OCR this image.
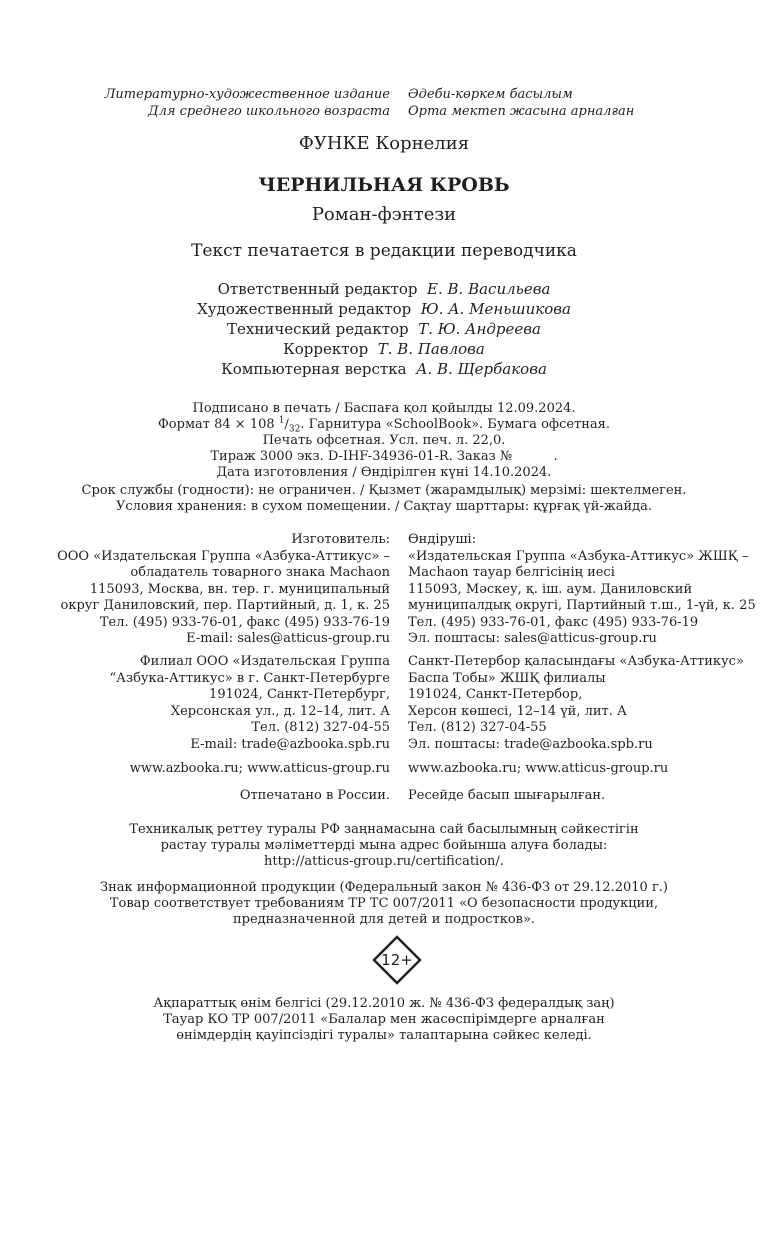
Литературно-художественное издание Әдеби-көркем басылым
Для среднего школьного возраста Орта мектеп жасына арналған
ФУНКЕ Корнелия
ЧЕРНИЛЬНАЯ КРОВЬ
Роман-фэнтези
Текст печатается в редакции переводчика
Ответственный редактор Е. В. Васильева
Художественный редактор Ю. А. Меньшикова
Технический редактор Т. Ю. Андреева
Корректор Т. В. Павлова
Компьютерная верстка А. В. Щербакова
Подписано в печать / Баспаға қол қойылды 12.09.2024.
Формат 84 × 108 $^1/_{32}$. Гарнитура «SchoolBook». Бумага офсетная.
Печать офсетная. Усл. печ. л. 22,0.
Тираж 3000 экз. D-IHF-34936-01-R. Заказ №          .
Дата изготовления / Өндірілген күні 14.10.2024.
Срок службы (годности): не ограничен. / Қызмет (жарамдылық) мерзімі: шектелмеген.
Условия хранения: в сухом помещении. / Сақтау шарттары: құрғақ үй-жайда.
Изготовитель:
ООО «Издательская Группа «Азбука-Аттикус» –
обладатель товарного знака Machaon
115093, Москва, вн. тер. г. муниципальный
округ Даниловский, пер. Партийный, д. 1, к. 25
Тел. (495) 933-76-01, факс (495) 933-76-19
E-mail: sales@atticus-group.ru
Өндіруші:
«Издательская Группа «Азбука-Аттикус» ЖШҚ –
Machaon тауар белгісінің иесі
115093, Мәскеу, қ. іш. аум. Даниловский
муниципалдық округі, Партийный т.ш., 1-үй, к. 25
Тел. (495) 933-76-01, факс (495) 933-76-19
Эл. поштасы: sales@atticus-group.ru
Филиал ООО «Издательская Группа
“Азбука-Аттикус» в г. Санкт-Петербурге
191024, Санкт-Петербург,
Херсонская ул., д. 12–14, лит. А
Тел. (812) 327-04-55
E-mail: trade@azbooka.spb.ru
Санкт-Петербор қаласындағы «Азбука-Аттикус»
Баспа Тобы» ЖШҚ филиалы
191024, Санкт-Петербор,
Херсон көшесі, 12–14 үй, лит. А
Тел. (812) 327-04-55
Эл. поштасы: trade@azbooka.spb.ru
www.azbooka.ru; www.atticus-group.ru www.azbooka.ru; www.atticus-group.ru
Отпечатано в России. Ресейде басып шығарылған.
Техникалық реттеу туралы РФ заңнамасына сай басылымның сәйкестігін
растау туралы мәліметтерді мына адрес бойынша алуға болады:
http://atticus-group.ru/certification/.
Знак информационной продукции (Федеральный закон № 436-ФЗ от 29.12.2010 г.)
Товар соответствует требованиям ТР ТС 007/2011 «О безопасности продукции,
предназначенной для детей и подростков».
12+
Ақпараттық өнім белгісі (29.12.2010 ж. № 436-ФЗ федералдық заң)
Тауар КО ТР 007/2011 «Балалар мен жасөспірімдерге арналған
өнімдердің қауіпсіздігі туралы» талаптарына сәйкес келеді.
